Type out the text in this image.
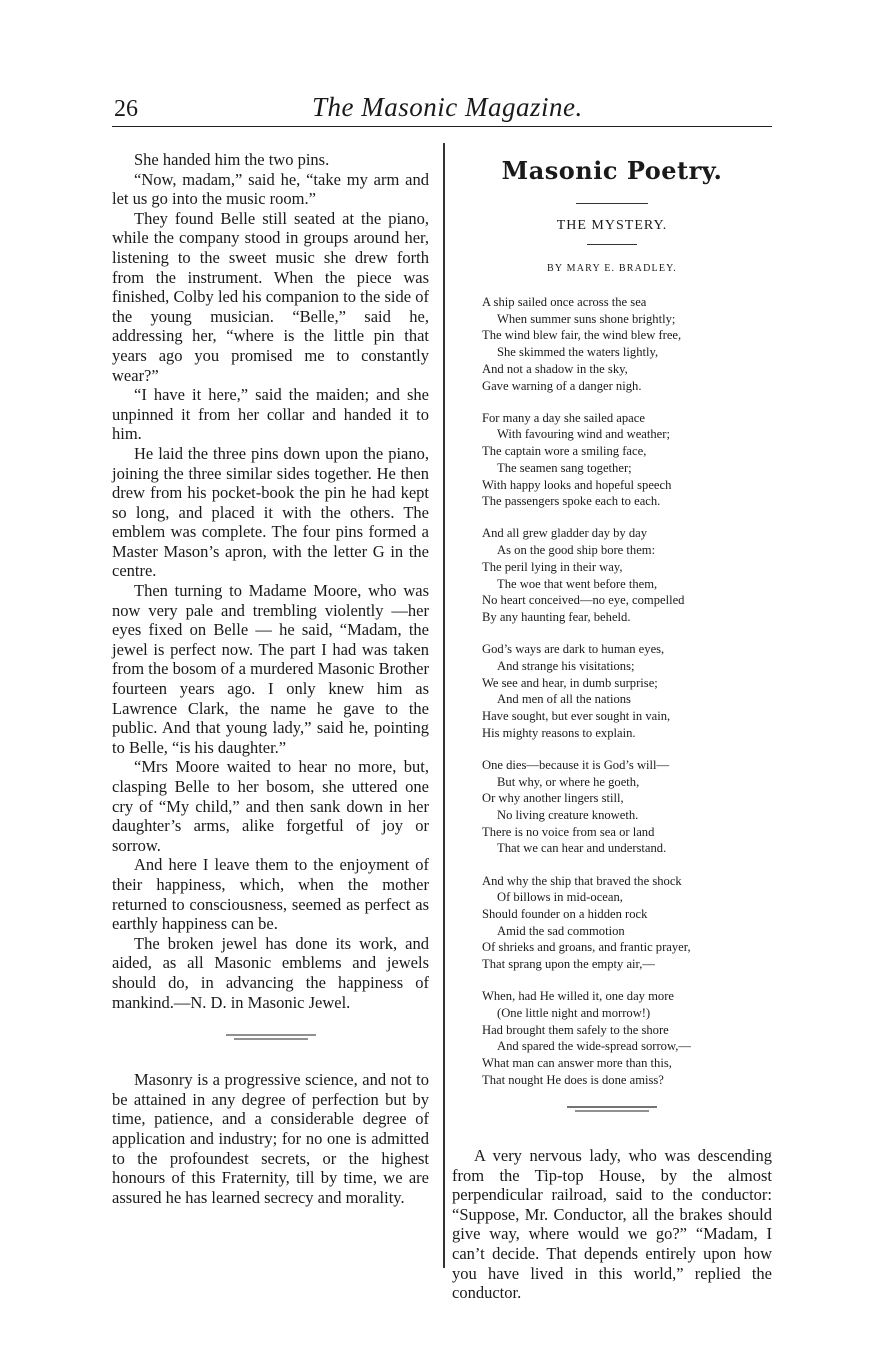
26	The Masonic Magazine.

She handed him the two pins.

“Now, madam,” said he, “take my arm and let us go into the music room.”

They found Belle still seated at the piano, while the company stood in groups around her, listening to the sweet music she drew forth from the instrument. When the piece was finished, Colby led his companion to the side of the young musician. “Belle,” said he, addressing her, “where is the little pin that years ago you promised me to constantly wear?”

“I have it here,” said the maiden; and she unpinned it from her collar and handed it to him.

He laid the three pins down upon the piano, joining the three similar sides together. He then drew from his pocket-book the pin he had kept so long, and placed it with the others. The emblem was complete. The four pins formed a Master Mason’s apron, with the letter G in the centre.

Then turning to Madame Moore, who was now very pale and trembling violently —her eyes fixed on Belle — he said, “Madam, the jewel is perfect now. The part I had was taken from the bosom of a murdered Masonic Brother fourteen years ago. I only knew him as Lawrence Clark, the name he gave to the public. And that young lady,” said he, pointing to Belle, “is his daughter.”

“Mrs Moore waited to hear no more, but, clasping Belle to her bosom, she uttered one cry of “My child,” and then sank down in her daughter’s arms, alike forgetful of joy or sorrow.

And here I leave them to the enjoyment of their happiness, which, when the mother returned to consciousness, seemed as perfect as earthly happiness can be.

The broken jewel has done its work, and aided, as all Masonic emblems and jewels should do, in advancing the happiness of mankind.—N. D. in Masonic Jewel.

Masonry is a progressive science, and not to be attained in any degree of perfection but by time, patience, and a considerable degree of application and industry; for no one is admitted to the profoundest secrets, or the highest honours of this Fraternity, till by time, we are assured he has learned secrecy and morality.

Masonic Poetry.
THE MYSTERY.
BY MARY E. BRADLEY.
A ship sailed once across the sea
When summer suns shone brightly;
The wind blew fair, the wind blew free,
She skimmed the waters lightly,
And not a shadow in the sky,
Gave warning of a danger nigh.
For many a day she sailed apace
With favouring wind and weather;
The captain wore a smiling face,
The seamen sang together;
With happy looks and hopeful speech
The passengers spoke each to each.
And all grew gladder day by day
As on the good ship bore them:
The peril lying in their way,
The woe that went before them,
No heart conceived—no eye, compelled
By any haunting fear, beheld.
God’s ways are dark to human eyes,
And strange his visitations;
We see and hear, in dumb surprise;
And men of all the nations
Have sought, but ever sought in vain,
His mighty reasons to explain.
One dies—because it is God’s will—
But why, or where he goeth,
Or why another lingers still,
No living creature knoweth.
There is no voice from sea or land
That we can hear and understand.
And why the ship that braved the shock
Of billows in mid-ocean,
Should founder on a hidden rock
Amid the sad commotion
Of shrieks and groans, and frantic prayer,
That sprang upon the empty air,—
When, had He willed it, one day more
(One little night and morrow!)
Had brought them safely to the shore
And spared the wide-spread sorrow,—
What man can answer more than this,
That nought He does is done amiss?

A very nervous lady, who was descending from the Tip-top House, by the almost perpendicular railroad, said to the conductor: “Suppose, Mr. Conductor, all the brakes should give way, where would we go?” “Madam, I can’t decide. That depends entirely upon how you have lived in this world,” replied the conductor.
